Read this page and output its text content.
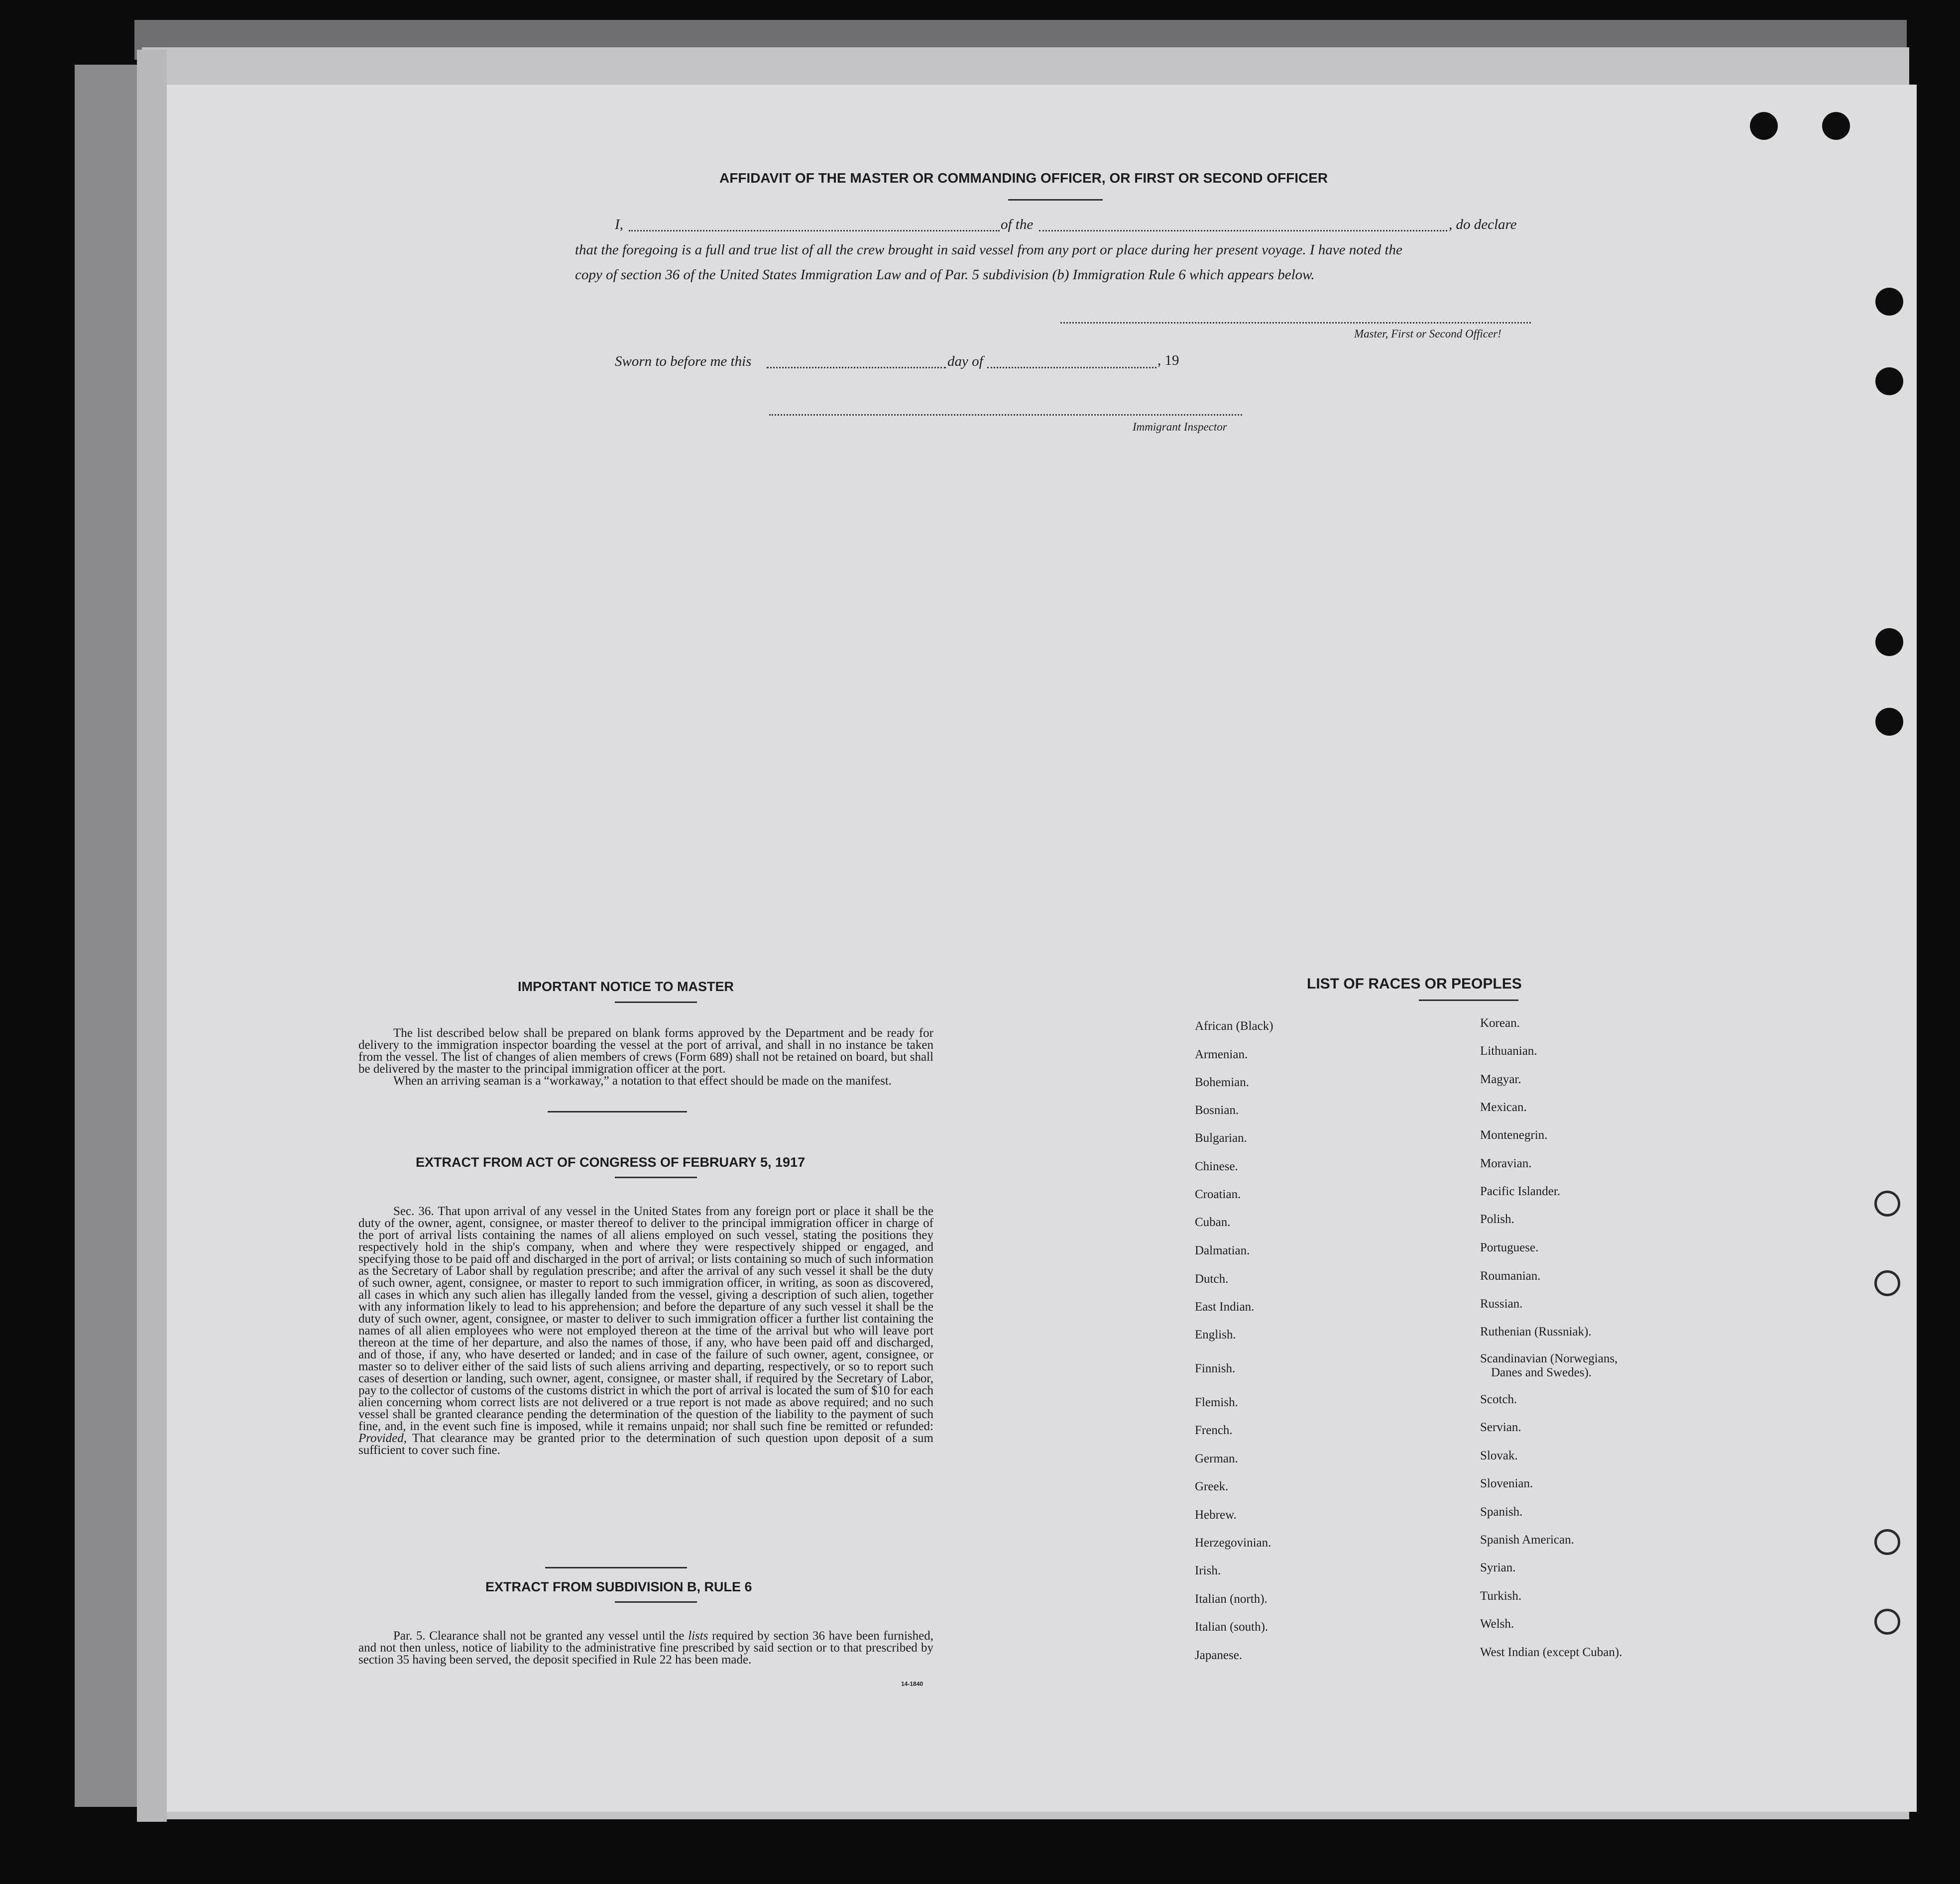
AFFIDAVIT OF THE MASTER OR COMMANDING OFFICER, OR FIRST OR SECOND OFFICER
I,	of the	, do declare
that the foregoing is a full and true list of all the crew brought in said vessel from any port or place during her present voyage. I have noted the
copy of section 36 of the United States Immigration Law and of Par. 5 subdivision (b) Immigration Rule 6 which appears below.
Master, First or Second Officer!
Sworn to before me this	day of	, 19
Immigrant Inspector
IMPORTANT NOTICE TO MASTER
The list described below shall be prepared on blank forms approved by the Department and be ready for delivery to the immigration inspector boarding the vessel at the port of arrival, and shall in no instance be taken from the vessel. The list of changes of alien members of crews (Form 689) shall not be retained on board, but shall be delivered by the master to the principal immigration officer at the port.
When an arriving seaman is a “workaway,” a notation to that effect should be made on the manifest.
EXTRACT FROM ACT OF CONGRESS OF FEBRUARY 5, 1917
Sec. 36. That upon arrival of any vessel in the United States from any foreign port or place it shall be the duty of the owner, agent, consignee, or master thereof to deliver to the principal immigration officer in charge of the port of arrival lists containing the names of all aliens employed on such vessel, stating the positions they respectively hold in the ship's company, when and where they were respectively shipped or engaged, and specifying those to be paid off and discharged in the port of arrival; or lists containing so much of such information as the Secretary of Labor shall by regulation prescribe; and after the arrival of any such vessel it shall be the duty of such owner, agent, consignee, or master to report to such immigration officer, in writing, as soon as discovered, all cases in which any such alien has illegally landed from the vessel, giving a description of such alien, together with any information likely to lead to his apprehension; and before the departure of any such vessel it shall be the duty of such owner, agent, consignee, or master to deliver to such immigration officer a further list containing the names of all alien employees who were not employed thereon at the time of the arrival but who will leave port thereon at the time of her departure, and also the names of those, if any, who have been paid off and discharged, and of those, if any, who have deserted or landed; and in case of the failure of such owner, agent, consignee, or master so to deliver either of the said lists of such aliens arriving and departing, respectively, or so to report such cases of desertion or landing, such owner, agent, consignee, or master shall, if required by the Secretary of Labor, pay to the collector of customs of the customs district in which the port of arrival is located the sum of $10 for each alien concerning whom correct lists are not delivered or a true report is not made as above required; and no such vessel shall be granted clearance pending the determination of the question of the liability to the payment of such fine, and, in the event such fine is imposed, while it remains unpaid; nor shall such fine be remitted or refunded: Provided, That clearance may be granted prior to the determination of such question upon deposit of a sum sufficient to cover such fine.
EXTRACT FROM SUBDIVISION B, RULE 6
Par. 5. Clearance shall not be granted any vessel until the lists required by section 36 have been furnished, and not then unless, notice of liability to the administrative fine prescribed by said section or to that prescribed by section 35 having been served, the deposit specified in Rule 22 has been made.
14-1840
LIST OF RACES OR PEOPLES
African (Black)
Armenian.
Bohemian.
Bosnian.
Bulgarian.
Chinese.
Croatian.
Cuban.
Dalmatian.
Dutch.
East Indian.
English.
Finnish.
Flemish.
French.
German.
Greek.
Hebrew.
Herzegovinian.
Irish.
Italian (north).
Italian (south).
Japanese.
Korean.
Lithuanian.
Magyar.
Mexican.
Montenegrin.
Moravian.
Pacific Islander.
Polish.
Portuguese.
Roumanian.
Russian.
Ruthenian (Russniak).
Scandinavian (Norwegians,
Danes and Swedes).
Scotch.
Servian.
Slovak.
Slovenian.
Spanish.
Spanish American.
Syrian.
Turkish.
Welsh.
West Indian (except Cuban).
